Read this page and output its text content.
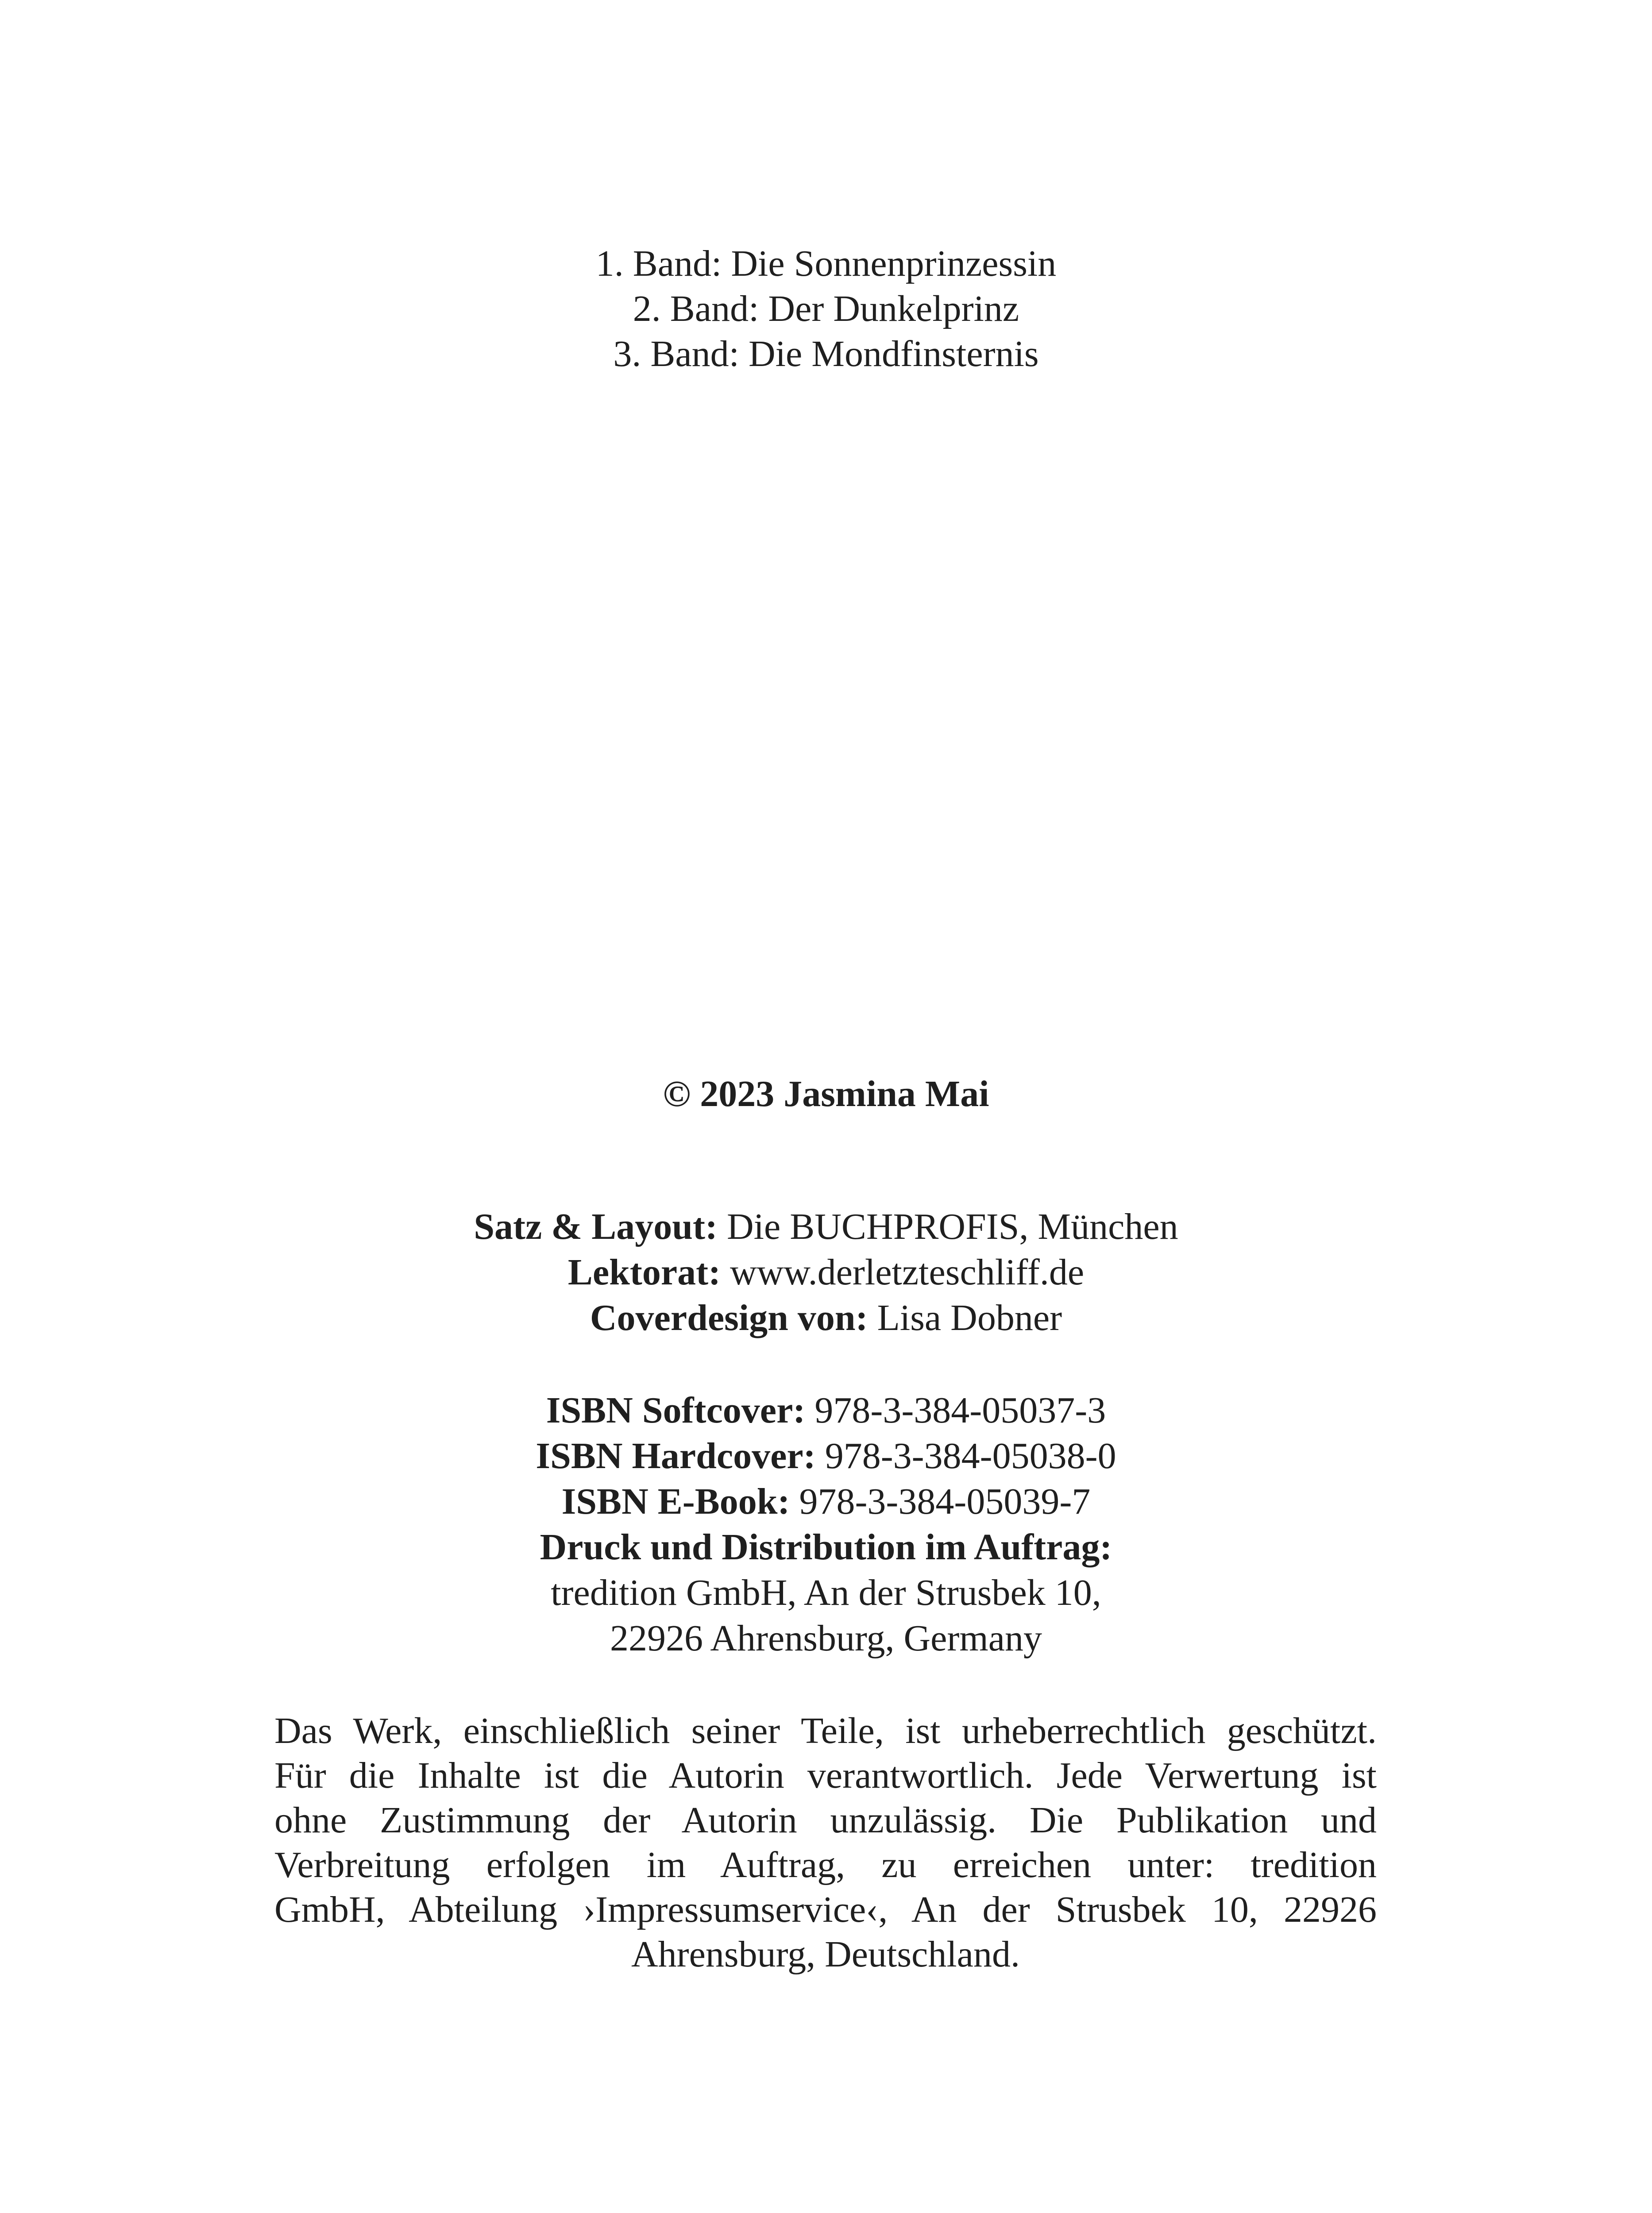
1. Band: Die Sonnenprinzessin
2. Band: Der Dunkelprinz
3. Band: Die Mondfinsternis
© 2023 Jasmina Mai
Satz & Layout: Die BUCHPROFIS, München
Lektorat: www.derletzteschliff.de
Coverdesign von: Lisa Dobner
ISBN Softcover: 978-3-384-05037-3
ISBN Hardcover: 978-3-384-05038-0
ISBN E-Book: 978-3-384-05039-7
Druck und Distribution im Auftrag:
tredition GmbH, An der Strusbek 10,
22926 Ahrensburg, Germany
Das Werk, einschließlich seiner Teile, ist urheberrechtlich geschützt.
Für die Inhalte ist die Autorin verantwortlich. Jede Verwertung ist
ohne Zustimmung der Autorin unzulässig. Die Publikation und
Verbreitung erfolgen im Auftrag, zu erreichen unter: tredition
GmbH, Abteilung ›Impressumservice‹, An der Strusbek 10, 22926
Ahrensburg, Deutschland.
